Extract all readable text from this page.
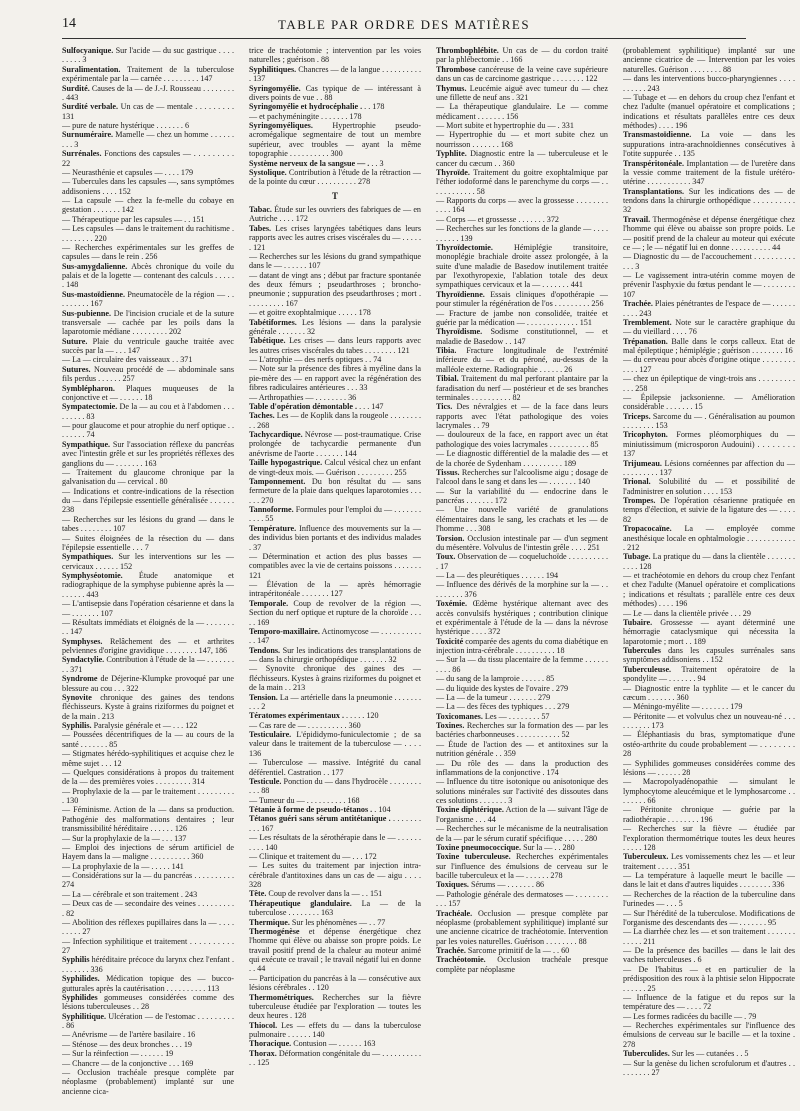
14	TABLE PAR ORDRE DES MATIÈRES
Sulfocyanique. Sur l'acide — du suc gastrique . . . . . . . . . 3
Suralimentation. Traitement de la tuberculose expérimentale par la — carnée . . . . . . . . . 147
Surdité. Causes de la — de J.-J. Rousseau . . . . . . . . . 443
Surdité verbale. Un cas de — mentale . . . . . . . . . 131
— pure de nature hystérique . . . . . . . 6
Surnuméraire. Mamelle — chez un homme . . . . . . . . . 3
Surrénales. Fonctions des capsules — . . . . . . . . . 22
— Neurasthénie et capsules — . . . . 179
— Tubercules dans les capsules —, sans symptômes addisoniens . . . . 152
— La capsule — chez la fe-melle du cobaye en gestation . . . . . . . 142
— Thérapeutique par les capsules — . . 151
— Les capsules — dans le traitement du rachitisme . . . . . . . . . 220
— Recherches expérimentales sur les greffes de capsules — dans le rein . 256
Sus-amygdalienne. Abcès chronique du voile du palais et de la logette — contenant des calculs . . . . . . 148
Sus-mastoïdienne. Pneumatocèle de la région — . . . . . . . . . 167
Sus-pubienne. De l'incision cruciale et de la suture transversale — cachée par les poils dans la laparotomie médiane . . . . . . . . . 202
Suture. Plaie du ventricule gauche traitée avec succès par la — . . . 147
— La — circulaire des vaisseaux . . 371
Sutures. Nouveau procédé de — abdominale sans fils perdus . . . . . . 257
Symblépharon. Plaques muqueuses de la conjonctive et — . . . . . . 18
Sympatectomie. De la — au cou et à l'abdomen . . . . . . . . . 83
— pour glaucome et pour atrophie du nerf optique . . . . . . . . 74
Sympathique. Sur l'association réflexe du pancréas avec l'intestin grêle et sur les propriétés réflexes des ganglions du — . . . . . . . 163
— Traitement du glaucome chronique par la galvanisation du — cervical . 80
— Indications et contre-indications de la résection du — dans l'épilepsie essentielle généralisée . . . . . . 238
— Recherches sur les lésions du grand — dans le tabes . . . . . . . . 107
— Suites éloignées de la résection du — dans l'épilepsie essentielle . . . 7
Sympathiques. Sur les interventions sur les — cervicaux . . . . . . 152
Symphyséotomie. Étude anatomique et radiographique de la symphyse pubienne après la — . . . . . . 443
— L'antisepsie dans l'opération césarienne et dans la — . . . . . . . 107
— Résultats immédiats et éloignés de la — . . . . . . . . . 147
Symphyses. Relâchement des — et arthrites pelviennes d'origine gravidique . . . . . . . . 147, 186
Syndactylie. Contribution à l'étude de la — . . . . . . . . . 371
Syndrome de Déjerine-Klumpke provoqué par une blessure au cou . . . 322
Synovite chronique des gaines des tendons fléchisseurs. Kyste à grains riziformes du poignet et de la main . 213
Syphilis. Paralysie générale et — . . . 122
— Poussées décentrifiques de la — au cours de la santé . . . . . . . 85
— Stigmates hérédo-syphilitiques et acquise chez le même sujet . . . 12
— Quelques considérations à propos du traitement de la — des premières voies . . . . . . . . . 314
— Prophylaxie de la — par le traitement . . . . . . . . . . 130
— Féminisme. Action de la — dans sa production. Pathogénie des malformations dentaires ; leur transmissibilité héréditaire . . . . . . 126
— Sur la prophylaxie de la — . . . 137
— Emploi des injections de sérum artificiel de Hayem dans la — maligne . . . . . . . . . . 360
— La prophylaxie de la — . . . . . 141
— Considérations sur la — du pancréas . . . . . . . . . . 274
— La — cérébrale et son traitement . 243
— Deux cas de — secondaire des veines . . . . . . . . . . 82
— Abolition des réflexes pupillaires dans la — . . . . . . . . . 27
— Infection syphilitique et traitement . . . . . . . . . . 27
Syphilis héréditaire précoce du larynx chez l'enfant . . . . . . . . 336
Syphilides. Médication topique des — bucco-gutturales après la cautérisation . . . . . . . . . . 113
Syphilides gommeuses considérées comme des lésions tuberculeuses . . 28
Syphilitique. Ulcération — de l'estomac . . . . . . . . . . 86
— Anévrisme — de l'artère basilaire . 16
— Sténose — des deux bronches . . . 19
— Sur la réinfection — . . . . . . 19
— Chancre — de la conjonctive . . . 169
— Occlusion trachéale presque complète par néoplasme (probablement) implanté sur une ancienne cica-
trice de trachéotomie ; intervention par les voies naturelles ; guérison . 88
Syphilitiques. Chancres — de la langue . . . . . . . . . . . 137
Syringomyélie. Cas typique de — intéressant à divers points de vue . . 88
Syringomyélie et hydrocéphalie . . . 178
— et pachyméningite . . . . . . . 178
Syringomyéliques. Hypertrophie pseudo-acromégalique segmentaire de tout un membre supérieur, avec troubles — ayant la même topographie . . . . . . . . . . 300
Système nerveux de la sangsue — . . . 3
Systolique. Contribution à l'étude de la rétraction — de la pointe du cœur . . . . . . . . . . 278
T
Tabac. Étude sur les ouvriers des fabriques de — en Autriche . . . . 172
Tabes. Les crises laryngées tabétiques dans leurs rapports avec les autres crises viscérales du — . . . . . . 121
— Recherches sur les lésions du grand sympathique dans le — . . . . . . 107
— datant de vingt ans ; début par fracture spontanée des deux fémurs ; pseudarthroses ; broncho-pneumonie ; suppuration des pseudarthroses ; mort . . . . . . . . . . 167
— et goitre exophtalmique . . . . . 178
Tabétiformes. Les lésions — dans la paralysie générale . . . . . . . 32
Tabétique. Les crises — dans leurs rapports avec les autres crises viscérales du tabes . . . . . . . . 121
— L'atrophie — des nerfs optiques . . 74
— Note sur la présence des fibres à myéline dans la pie-mère des — en rapport avec la régénération des fibres radiculaires antérieures . . . 33
— Arthropathies — . . . . . . . . 36
Table d'opération démontable . . . . 147
Taches. Les — de Koplik dans la rougeole . . . . . . . . . . 268
Tachycardique. Névrose — post-traumatique. Crise prolongée de tachycardie permanente d'un anévrisme de l'aorte . . . . . . . 144
Taille hypogastrique. Calcul vésical chez un enfant de vingt-deux mois. — Guérison . . . . . . . . . 255
Tamponnement. Du bon résultat du — sans fermeture de la plaie dans quelques laparotomies . . . . . . 270
Tannoforme. Formules pour l'emploi du — . . . . . . . . . . . 55
Température. Influence des mouvements sur la — des individus bien portants et des individus malades . 37
— Détermination et action des plus basses — compatibles avec la vie de certains poissons . . . . . . . 121
— Élévation de la — après hémorragie intrapéritonéale . . . . . . . 127
Temporale. Coup de revolver de la région —. Section du nerf optique et rupture de la choroïde . . . . . 169
Temporo-maxillaire. Actinomycose — . . . . . . . . . . . . 147
Tendons. Sur les indications des transplantations de — dans la chirurgie orthopédique . . . . . . . 32
— Synovite chronique des gaines des — fléchisseurs. Kystes à grains riziformes du poignet et de la main . . 213
Tension. La — artérielle dans la pneumonie . . . . . . . . . . 2
Tératomes expérimentaux . . . . . . 120
— Cas rare de — . . . . . . . . . . 360
Testiculaire. L'épididymo-funiculectomie ; de sa valeur dans le traitement de la tuberculose — . . . . 136
— Tuberculose — massive. Intégrité du canal déférentiel. Castration . . 177
Testicule. Ponction du — dans l'hydrocèle . . . . . . . . . . . 88
— Tumeur du — . . . . . . . . . . 168
Tétanie à forme de pseudo-tétanos . . 104
Tétanos guéri sans sérum antitétanique . . . . . . . . . . . 167
— Les résultats de la sérothérapie dans le — . . . . . . . . . . 140
— Clinique et traitement du — . . . 172
— Les suites du traitement par injection intra-cérébrale d'antitoxines dans un cas de — aigu . . . . 328
Tête. Coup de revolver dans la — . . 151
Thérapeutique glandulaire. La — de la tuberculose . . . . . . . . 163
Thermique. Sur les phénomènes — . . 77
Thermogénèse et dépense énergétique chez l'homme qui élève ou abaisse son propre poids. Le travail positif prend de la chaleur au moteur animé qui exécute ce travail ; le travail négatif lui en donne . . 44
— Participation du pancréas à la — consécutive aux lésions cérébrales . . 120
Thermométriques. Recherches sur la fièvre tuberculeuse étudiée par l'exploration — toutes les deux heures . 128
Thiocol. Les — effets du — dans la tuberculose pulmonaire . . . . . . 140
Thoracique. Contusion — . . . . . . 163
Thorax. Déformation congénitale du — . . . . . . . . . . . . 125
Thrombophlébite. Un cas de — du cordon traité par la phlébectomie . . 166
Thrombose cancéreuse de la veine cave supérieure dans un cas de carcinome gastrique . . . . . . . . 122
Thymus. Leucémie aiguë avec tumeur du — chez une fillette de neuf ans . 321
— La thérapeutique glandulaire. Le — comme médicament . . . . . . . 156
— Mort subite et hypertrophie du — . 331
— Hypertrophie du — et mort subite chez un nourrisson . . . . . . . 168
Typhlite. Diagnostic entre la — tuberculeuse et le cancer du cæcum . . 360
Thyroïde. Traitement du goitre exophtalmique par l'éther iodoformé dans le parenchyme du corps — . . . . . . . . . . . . 58
— Rapports du corps — avec la grossesse . . . . . . . . . . . . 164
— Corps — et grossesse . . . . . . . 372
— Recherches sur les fonctions de la glande — . . . . . . . . . . 139
Thyroïdectomie. Hémiplégie transitoire, monoplégie brachiale droite assez prolongée, à la suite d'une maladie de Basedow inutilement traitée par l'exothyropexie, l'ablation totale des deux sympathiques cervicaux et la — . . . . . . . 441
Thyroïdienne. Essais cliniques d'opothérapie — pour stimuler la régénération de l'os . . . . . . . . . 256
— Fracture de jambe non consolidée, traitée et guérie par la médication — . . . . . . . . . . . . . 151
Thyroïdisme. Sodisme constitutionnel, — et maladie de Basedow . . 147
Tibia. Fracture longitudinale de l'extrémité inférieure du — et du péroné, au-dessus de la malléole externe. Radiographie . . . . . . 26
Tibial. Traitement du mal perforant plantaire par la faradisation du nerf — postérieur et de ses branches terminales . . . . . . . . . . 82
Tics. Des névralgies et — de la face dans leurs rapports avec l'état pathologique des voies lacrymales . . 79
— douloureux de la face, en rapport avec un état pathologique des voies lacrymales . . . . . . . . . . 85
— Le diagnostic différentiel de la maladie des — et de la chorée de Sydenham . . . . . . . . . . 189
Tissus. Recherches sur l'alcoolisme aigu ; dosage de l'alcool dans le sang et dans les — . . . . . . . 140
— Sur la variabilité du — endocrine dans le pancréas . . . . . . . 172
— Une nouvelle variété de granulations élémentaires dans le sang, les crachats et les — de l'homme . . . 308
Torsion. Occlusion intestinale par — d'un segment du mésentère. Volvulus de l'intestin grêle . . . . 251
Toux. Observation de — coqueluchoïde . . . . . . . . . . . 17
— La — des pleurétiques . . . . . . 194
— Influence des dérivés de la morphine sur la — . . . . . . . . . 376
Toxémie. Œdème hystérique alternant avec des accès convulsifs hystériques ; contribution clinique et expérimentale à l'étude de la — dans la névrose hystérique . . . . 372
Toxicité comparée des agents du coma diabétique en injection intra-cérébrale . . . . . . . . . . 18
— Sur la — du tissu placentaire de la femme . . . . . . . . . . 86
— du sang de la lamproie . . . . . . 85
— du liquide des kystes de l'ovaire . 279
— La — de la tumeur . . . . . . . 279
— La — des fèces des typhiques . . . 279
Toxicomanes. Les — . . . . . . . . 57
Toxines. Recherches sur la formation des — par les bactéries charbonneuses . . . . . . . . . . . 52
— Étude de l'action des — et antitoxines sur la nutrition générale . . 359
— Du rôle des — dans la production des inflammations de la conjonctive . 174
— Influence du titre isotonique ou anisotonique des solutions minérales sur l'activité des dissoutes dans ces solutions . . . . . . . 3
Toxine diphtérique. Action de la — suivant l'âge de l'organisme . . . 44
— Recherches sur le mécanisme de la neutralisation de la — par le sérum curatif spécifique . . . . . 280
Toxine pneumococcique. Sur la — . . 280
Toxine tuberculeuse. Recherches expérimentales sur l'influence des émulsions de cerveau sur le bacille tuberculeux et la — . . . . . . 278
Toxiques. Sérums — . . . . . . . 86
— Pathologie générale des dermatoses — . . . . . . . . . . . 157
Trachéale. Occlusion — presque complète par néoplasme (probablement syphilitique) implanté sur une ancienne cicatrice de trachéotomie. Intervention par les voies naturelles. Guérison . . . . . . . . 88
Trachée. Sarcome primitif de la — . . 60
Trachéotomie. Occlusion trachéale presque complète par néoplasme
(probablement syphilitique) implanté sur une ancienne cicatrice de — Intervention par les voies naturelles. Guérison . . . . . . . . 88
— dans les interventions bucco-pharyngiennes . . . . . . . . . . 243
— Tubage et — en dehors du croup chez l'enfant et chez l'adulte (manuel opératoire et complications ; indications et résultats parallèles entre ces deux méthodes) . . . . 196
Transmastoïdienne. La voie — dans les suppurations intra-arachnoïdiennes consécutives à l'otite suppurée . . 135
Transpéritonéale. Implantation — de l'uretère dans la vessie comme traitement de la fistule urétéro-utérine . . . . . . . . . . . 347
Transplantations. Sur les indications des — de tendons dans la chirurgie orthopédique . . . . . . . . . . 32
Travail. Thermogénèse et dépense énergétique chez l'homme qui élève ou abaisse son propre poids. Le — positif prend de la chaleur au moteur qui exécute ce — ; le — négatif lui en donne . . . . . . . . . . 44
— Diagnostic du — de l'accouchement . . . . . . . . . . . . . 3
— Le vagissement intra-utérin comme moyen de prévenir l'asphyxie du fœtus pendant le — . . . . . . . . 107
Trachée. Plaies pénétrantes de l'espace de — . . . . . . . . . . 243
Tremblement. Note sur le caractère graphique du — du vieillard . . . . 76
Trépanation. Balle dans le corps calleux. Etat de mal épileptique ; hémiplégie ; guérison . . . . . . . . 16
— du cerveau pour abcès d'origine otique . . . . . . . . . . . . 127
— chez un épileptique de vingt-trois ans . . . . . . . . . . . . 258
— Épilepsie jacksonienne. — Amélioration considérable . . . . . . . 15
Triceps. Sarcome du — . Généralisation au poumon . . . . . . . . 153
Tricophyton. Formes pléomorphiques du — miniutissimum (microsporon Audouini) . . . . . . . . 137
Trijumeau. Lésions cornéennes par affection du — . . . . . . . . . 137
Trional. Solubilité du — et possibilité de l'administrer en solution . . . . 153
Trompes. De l'opération césarienne pratiquée en temps d'élection, et suivie de la ligature des — . . . . 82
Tropacocaïne. La — employée comme anesthésique locale en ophtalmologie . . . . . . . . . . . . . 212
Tubage. La pratique du — dans la clientèle . . . . . . . . . . . 128
— et trachéotomie en dehors du croup chez l'enfant et chez l'adulte (Manuel opératoire et complications ; indications et résultats ; parallèle entre ces deux méthodes) . . . . 196
— Le — dans la clientèle privée . . . 29
Tubaire. Grossesse — ayant déterminé une hémorragie cataclysmique qui nécessita la laparotomie ; mort . . 189
Tubercules dans les capsules surrénales sans symptômes addisoniens . . 152
Tuberculeuse. Traitement opératoire de la spondylite — . . . . . . . 94
— Diagnostic entre la typhlite — et le cancer du cæcum . . . . . . . 360
— Méningo-myélite — . . . . . . . 179
— Péritonite — et volvulus chez un nouveau-né . . . . . . . . . . 173
— Éléphantiasis du bras, symptomatique d'une ostéo-arthrite du coude probablement — . . . . . . . . 28
— Syphilides gommeuses considérées comme des lésions — . . . . . . 28
— Macropolyadénopathie — simulant le lymphocytome aleucémique et le lymphosarcome . . . . . . . . 66
— Péritonite chronique — guérie par la radiothérapie . . . . . . . . 196
— Recherches sur la fièvre — étudiée par l'exploration thermométrique toutes les deux heures . . . . . 128
Tuberculeux. Les vomissements chez les — et leur traitement . . . . . 351
— La température à laquelle meurt le bacille — dans le lait et dans d'autres liquides . . . . . . . . 336
— Recherches de la réaction de la tuberculine dans l'urinedes — . . . 5
— Sur l'hérédité de la tuberculose. Modifications de l'organisme des descendants des — . . . . . . . 95
— La diarrhée chez les — et son traitement . . . . . . . . . . . . 211
— De la présence des bacilles — dans le lait des vaches tuberculeuses . 6
— De l'habitus — et en particulier de la prédisposition des roux à la phtisie selon Hippocrate . . . . . . 25
— Influence de la fatigue et du repos sur la température des — . . . . 72
— Les formes radicées du bacille — . 79
— Recherches expérimentales sur l'influence des émulsions de cerveau sur le bacille — et la toxine . 278
Tuberculides. Sur les — cutanées . . 5
— Sur la genèse du lichen scrofulorum et d'autres . . . . . . . . . 27
